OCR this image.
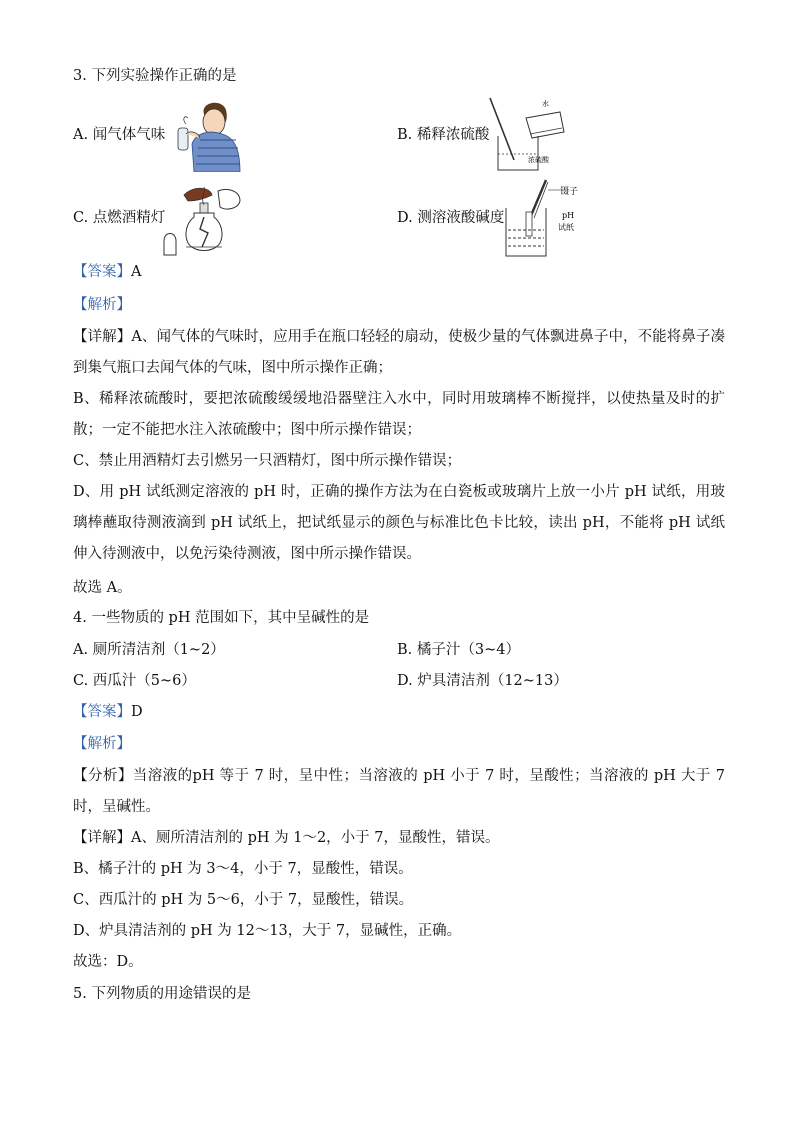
3. 下列实验操作正确的是
A. 闻气体气味	B. 稀释浓硫酸
C. 点燃酒精灯	D. 测溶液酸碱度
水
浓硫酸
镊子
pH
试纸
【答案】A
【解析】
【详解】A、闻气体的气味时，应用手在瓶口轻轻的扇动，使极少量的气体飘进鼻子中，不能将鼻子凑到集气瓶口去闻气体的气味，图中所示操作正确；
B、稀释浓硫酸时，要把浓硫酸缓缓地沿器壁注入水中，同时用玻璃棒不断搅拌，以使热量及时的扩散；一定不能把水注入浓硫酸中；图中所示操作错误；
C、禁止用酒精灯去引燃另一只酒精灯，图中所示操作错误；
D、用 pH 试纸测定溶液的 pH 时，正确的操作方法为在白瓷板或玻璃片上放一小片 pH 试纸，用玻璃棒蘸取待测液滴到 pH 试纸上，把试纸显示的颜色与标准比色卡比较，读出 pH，不能将 pH 试纸伸入待测液中，以免污染待测液，图中所示操作错误。
故选 A。
4. 一些物质的 pH 范围如下，其中呈碱性的是
A. 厕所清洁剂（1~2）	B. 橘子汁（3~4）
C. 西瓜汁（5~6）	D. 炉具清洁剂（12~13）
【答案】D
【解析】
【分析】当溶液的pH 等于 7 时，呈中性；当溶液的 pH 小于 7 时，呈酸性；当溶液的 pH 大于 7 时，呈碱性。
【详解】A、厕所清洁剂的 pH 为 1～2，小于 7，显酸性，错误。
B、橘子汁的 pH 为 3～4，小于 7，显酸性，错误。
C、西瓜汁的 pH 为 5～6，小于 7，显酸性，错误。
D、炉具清洁剂的 pH 为 12～13，大于 7，显碱性，正确。
故选：D。
5. 下列物质的用途错误的是
